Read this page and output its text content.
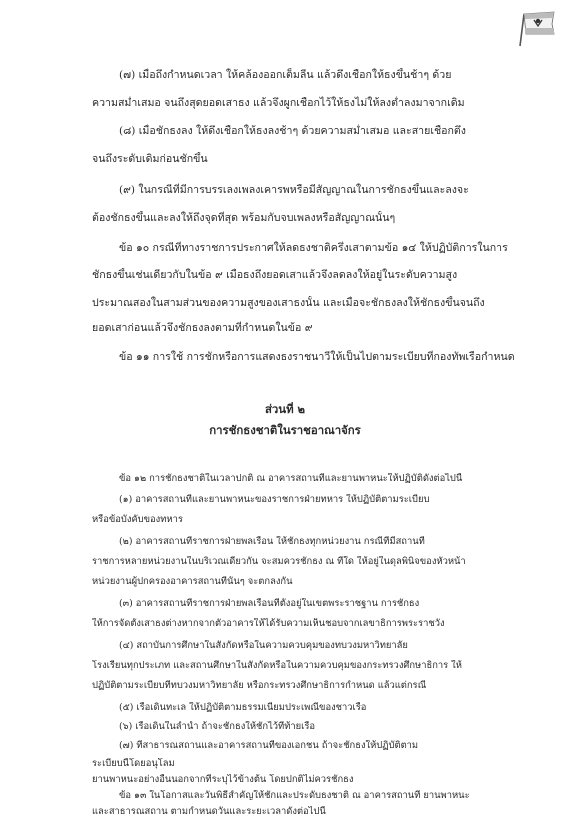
(๗) เมื่อถึงกำหนดเวลา ให้คล้องออกเต็มลีน แล้วดึงเชือกให้ธงขึ้นช้าๆ ด้วย
ความสม่ำเสมอ จนถึงสุดยอดเสาธง แล้วจึงผูกเชือกไว้ให้ธงไม่ให้ลงต่ำลงมาจากเดิม
(๘) เมื่อชักธงลง ให้ดึงเชือกให้ธงลงช้าๆ ด้วยความสม่ำเสมอ และสายเชือกตึง
จนถึงระดับเดิมก่อนชักขึ้น
(๙) ในกรณีที่มีการบรรเลงเพลงเคารพหรือมีสัญญาณในการชักธงขึ้นและลงจะ
ต้องชักธงขึ้นและลงให้ถึงจุดที่สุด พร้อมกับจบเพลงหรือสัญญาณนั้นๆ
ข้อ ๑๐ กรณีที่ทางราชการประกาศให้ลดธงชาติครึ่งเสาตามข้อ ๑๔ ให้ปฏิบัติการในการ
ชักธงขึ้นเช่นเดียวกับในข้อ ๙ เมื่อธงถึงยอดเสาแล้วจึงลดลงให้อยู่ในระดับความสูง
ประมาณสองในสามส่วนของความสูงของเสาธงนั้น และเมื่อจะชักธงลงให้ชักธงขึ้นจนถึง
ยอดเสาก่อนแล้วจึงชักธงลงตามที่กำหนดในข้อ ๙
ข้อ ๑๑ การใช้ การชักหรือการแสดงธงราชนาวีให้เป็นไปตามระเบียบที่กองทัพเรือกำหนด
ส่วนที่ ๒
การชักธงชาติในราชอาณาจักร
ข้อ ๑๒ การชักธงชาติในเวลาปกติ ณ อาคารสถานที่และยานพาหนะให้ปฏิบัติดังต่อไปนี้
(๑) อาคารสถานที่และยานพาหนะของราชการฝ่ายทหาร ให้ปฏิบัติตามระเบียบ
หรือข้อบังคับของทหาร
(๒) อาคารสถานที่ราชการฝ่ายพลเรือน ให้ชักธงทุกหน่วยงาน กรณีที่มีสถานที่
ราชการหลายหน่วยงานในบริเวณเดียวกัน จะสมควรชักธง ณ ที่ใด ให้อยู่ในดุลพินิจของหัวหน้า
หน่วยงานผู้ปกครองอาคารสถานที่นั้นๆ จะตกลงกัน
(๓) อาคารสถานที่ราชการฝ่ายพลเรือนที่ตั้งอยู่ในเขตพระราชฐาน การชักธง
ให้การจัดตั้งเสาธงต่างหากจากตัวอาคารให้ได้รับความเห็นชอบจากเลขาธิการพระราชวัง
(๔) สถาบันการศึกษาในสังกัดหรือในความควบคุมของทบวงมหาวิทยาลัย
โรงเรียนทุกประเภท และสถานศึกษาในสังกัดหรือในความควบคุมของกระทรวงศึกษาธิการ ให้
ปฏิบัติตามระเบียบที่ทบวงมหาวิทยาลัย หรือกระทรวงศึกษาธิการกำหนด แล้วแต่กรณี
(๕) เรือเดินทะเล ให้ปฏิบัติตามธรรมเนียมประเพณีของชาวเรือ
(๖) เรือเดินในลำน้ำ ถ้าจะชักธงให้ชักไว้ที่ท้ายเรือ
(๗) ที่สาธารณสถานและอาคารสถานที่ของเอกชน ถ้าจะชักธงให้ปฏิบัติตาม
ระเบียบนี้โดยอนุโลม
ยานพาหนะอย่างอื่นนอกจากที่ระบุไว้ข้างต้น โดยปกติไม่ควรชักธง
ข้อ ๑๓ ในโอกาสและวันพิธีสำคัญให้ชักและประดับธงชาติ ณ อาคารสถานที่ ยานพาหนะ
และสาธารณสถาน ตามกำหนดวันและระยะเวลาดังต่อไปนี้
